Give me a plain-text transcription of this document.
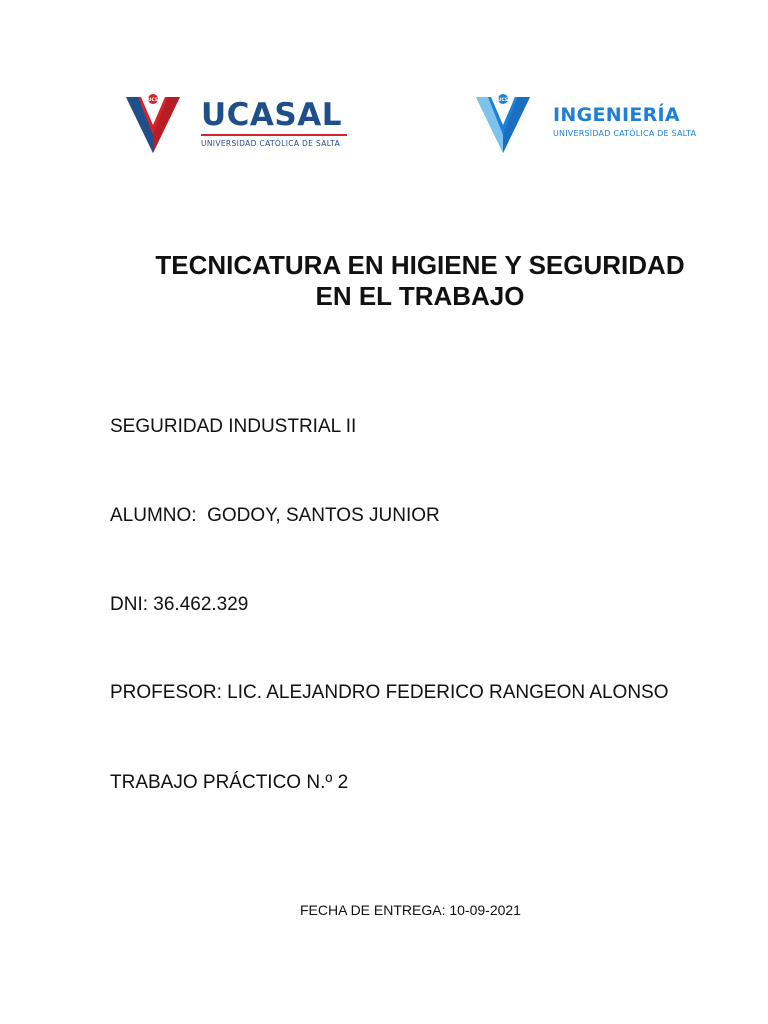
UCS UCASAL
UNIVERSIDAD CATÓLICA DE SALTA
UCS
INGENIERÍA
UNIVERSIDAD CATÓLICA DE SALTA
TECNICATURA EN HIGIENE Y SEGURIDAD
EN EL TRABAJO
SEGURIDAD INDUSTRIAL II
ALUMNO:  GODOY, SANTOS JUNIOR
DNI: 36.462.329
PROFESOR: LIC. ALEJANDRO FEDERICO RANGEON ALONSO
TRABAJO PRÁCTICO N.º 2
FECHA DE ENTREGA: 10-09-2021
